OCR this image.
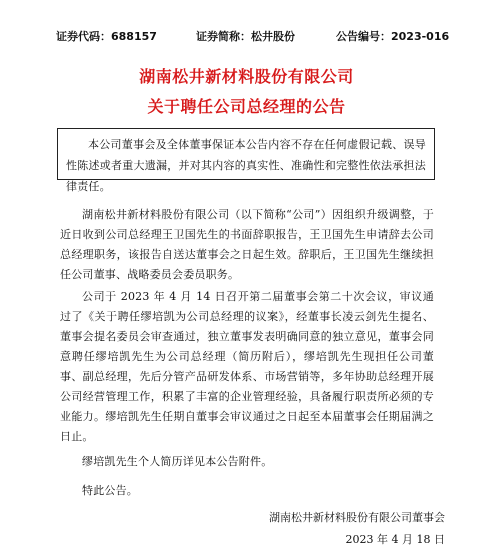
证券代码：688157	证券简称：松井股份	公告编号：2023-016
湖南松井新材料股份有限公司
关于聘任公司总经理的公告
本公司董事会及全体董事保证本公告内容不存在任何虚假记载、误导性陈述或者重大遗漏，并对其内容的真实性、准确性和完整性依法承担法律责任。

湖南松井新材料股份有限公司（以下简称“公司”）因组织升级调整，于近日收到公司总经理王卫国先生的书面辞职报告，王卫国先生申请辞去公司总经理职务，该报告自送达董事会之日起生效。辞职后，王卫国先生继续担任公司董事、战略委员会委员职务。

公司于 2023 年 4 月 14 日召开第二届董事会第二十次会议，审议通过了《关于聘任缪培凯为公司总经理的议案》，经董事长凌云剑先生提名、董事会提名委员会审查通过，独立董事发表明确同意的独立意见，董事会同意聘任缪培凯先生为公司总经理（简历附后），缪培凯先生现担任公司董事、副总经理，先后分管产品研发体系、市场营销等，多年协助总经理开展公司经营管理工作，积累了丰富的企业管理经验，具备履行职责所必须的专业能力。缪培凯先生任期自董事会审议通过之日起至本届董事会任期届满之日止。

缪培凯先生个人简历详见本公告附件。

特此公告。

湖南松井新材料股份有限公司董事会
2023 年 4 月 18 日
